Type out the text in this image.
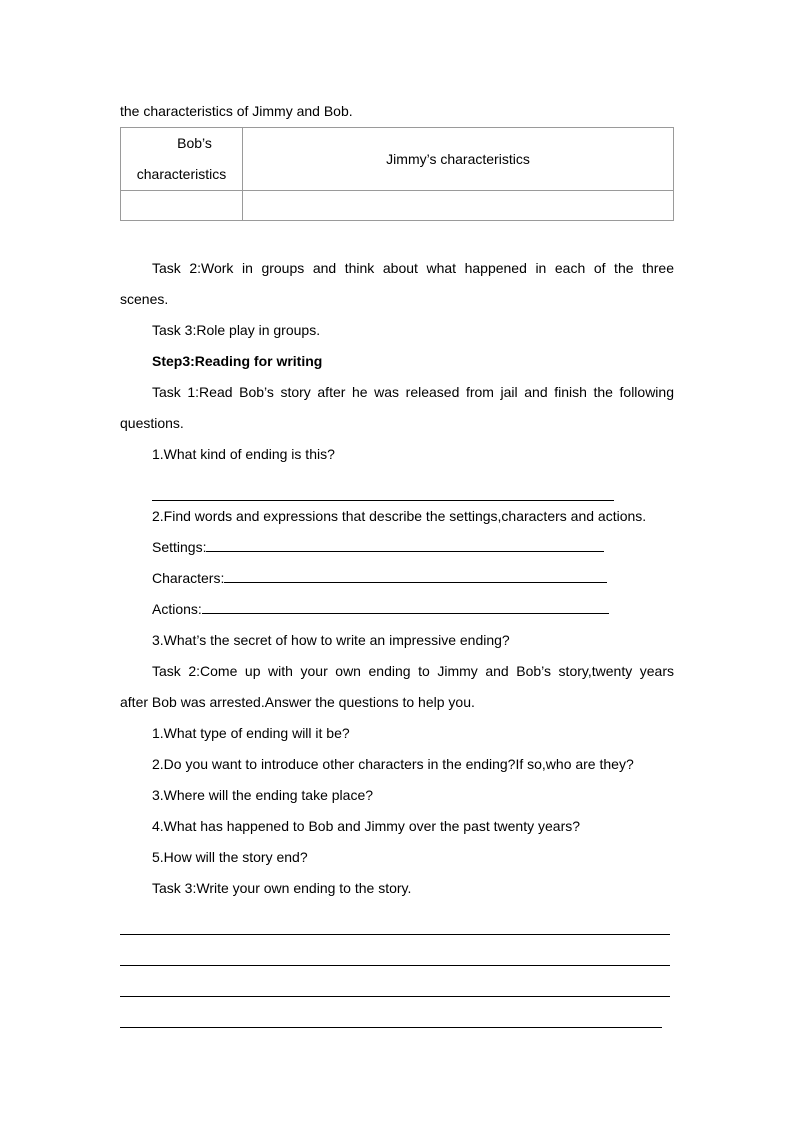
the characteristics of Jimmy and Bob.

Bob’s
characteristics	Jimmy’s characteristics

Task 2:Work in groups and think about what happened in each of the three

scenes.

Task 3:Role play in groups.

Step3:Reading for writing

Task 1:Read Bob’s story after he was released from jail and finish the following

questions.

1.What kind of ending is this?

2.Find words and expressions that describe the settings,characters and actions.

Settings:

Characters:

Actions:

3.What’s the secret of how to write an impressive ending?

Task 2:Come up with your own ending to Jimmy and Bob’s story,twenty years

after Bob was arrested.Answer the questions to help you.

1.What type of ending will it be?

2.Do you want to introduce other characters in the ending?If so,who are they?

3.Where will the ending take place?

4.What has happened to Bob and Jimmy over the past twenty years?

5.How will the story end?

Task 3:Write your own ending to the story.
